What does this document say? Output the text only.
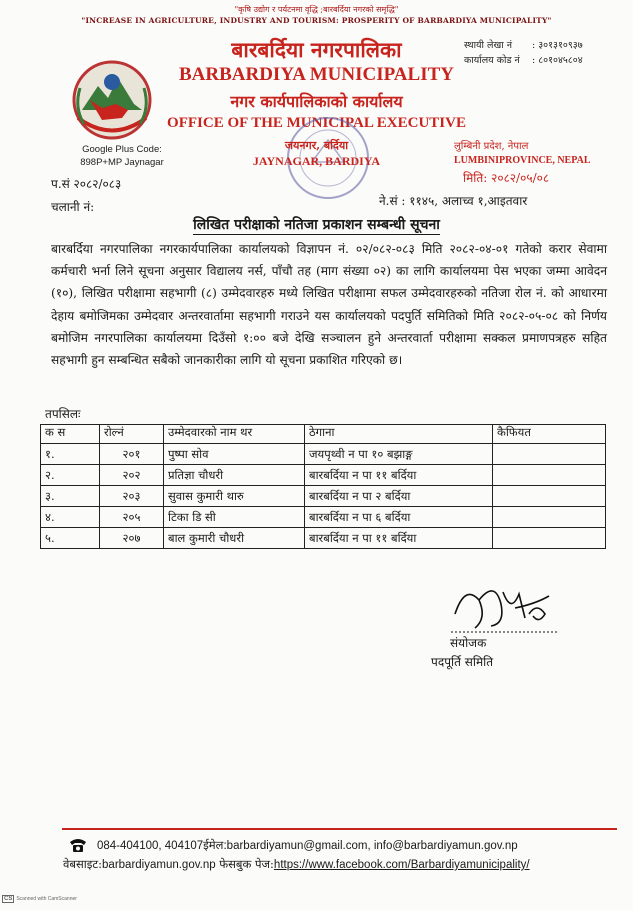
"कृषि उद्योग र पर्यटनमा वृद्धि ;बारबर्दिया नगरको समृद्धि"
"INCREASE IN AGRICULTURE, INDUSTRY AND TOURISM: PROSPERITY OF BARBARDIYA MUNICIPALITY"
बारबर्दिया नगरपालिका
BARBARDIYA MUNICIPALITY
नगर कार्यपालिकाको कार्यालय
OFFICE OF THE MUNICIPAL EXECUTIVE
जयनगर, बर्दिया
JAYNAGAR, BARDIYA
स्थायी लेखा नं : ३०१३१०९३७
कार्यालय कोड नं : ८०१०४५८०४
Google Plus Code:
898P+MP Jaynagar
लुम्बिनी प्रदेश, नेपाल
LUMBINIPROVINCE, NEPAL
मिति: २०८२/०५/०८
प.सं २०८२/०८३
चलानी नं:	ने.सं : ११४५, अलाच्व १,आइतवार
लिखित परीक्षाको नतिजा प्रकाशन सम्बन्धी सूचना
बारबर्दिया नगरपालिका नगरकार्यपालिका कार्यालयको विज्ञापन नं. ०२/०८२-०८३ मिति २०८२-०४-०१ गतेको करार सेवामा कर्मचारी भर्ना लिने सूचना अनुसार विद्यालय नर्स, पाँचौ तह (माग संख्या ०२) का लागि कार्यालयमा पेस भएका जम्मा आवेदन (१०), लिखित परीक्षामा सहभागी (८) उम्मेदवारहरु मध्ये लिखित परीक्षामा सफल उम्मेदवारहरुको नतिजा रोल नं. को आधारमा देहाय बमोजिमका उम्मेदवार अन्तरवार्तामा सहभागी गराउने यस कार्यालयको पदपुर्ति समितिको मिति २०८२-०५-०८ को निर्णय बमोजिम नगरपालिका कार्यालयमा दिउँसो १:०० बजे देखि सञ्चालन हुने अन्तरवार्ता परीक्षामा सक्कल प्रमाणपत्रहरु सहित सहभागी हुन सम्बन्धित सबैको जानकारीका लागि यो सूचना प्रकाशित गरिएको छ।
तपसिलः
क स	रोल्नं	उम्मेदवारको नाम थर	ठेगाना	कैफियत
१.	२०१	पुष्पा सोव	जयपृथ्वी न पा १० बझाङ्ग	
२.	२०२	प्रतिज्ञा चौधरी	बारबर्दिया न पा ११ बर्दिया	
३.	२०३	सुवास कुमारी थारु	बारबर्दिया न पा २ बर्दिया	
४.	२०५	टिका डि सी	बारबर्दिया न पा ६ बर्दिया	
५.	२०७	बाल कुमारी चौधरी	बारबर्दिया न पा ११ बर्दिया	
संयोजक
पदपूर्ति समिति
084-404100, 404107ईमेल:barbardiyamun@gmail.com, info@barbardiyamun.gov.np
वेबसाइट:barbardiyamun.gov.np फेसबुक पेज:https://www.facebook.com/Barbardiyamunicipality/
CS Scanned with CamScanner
